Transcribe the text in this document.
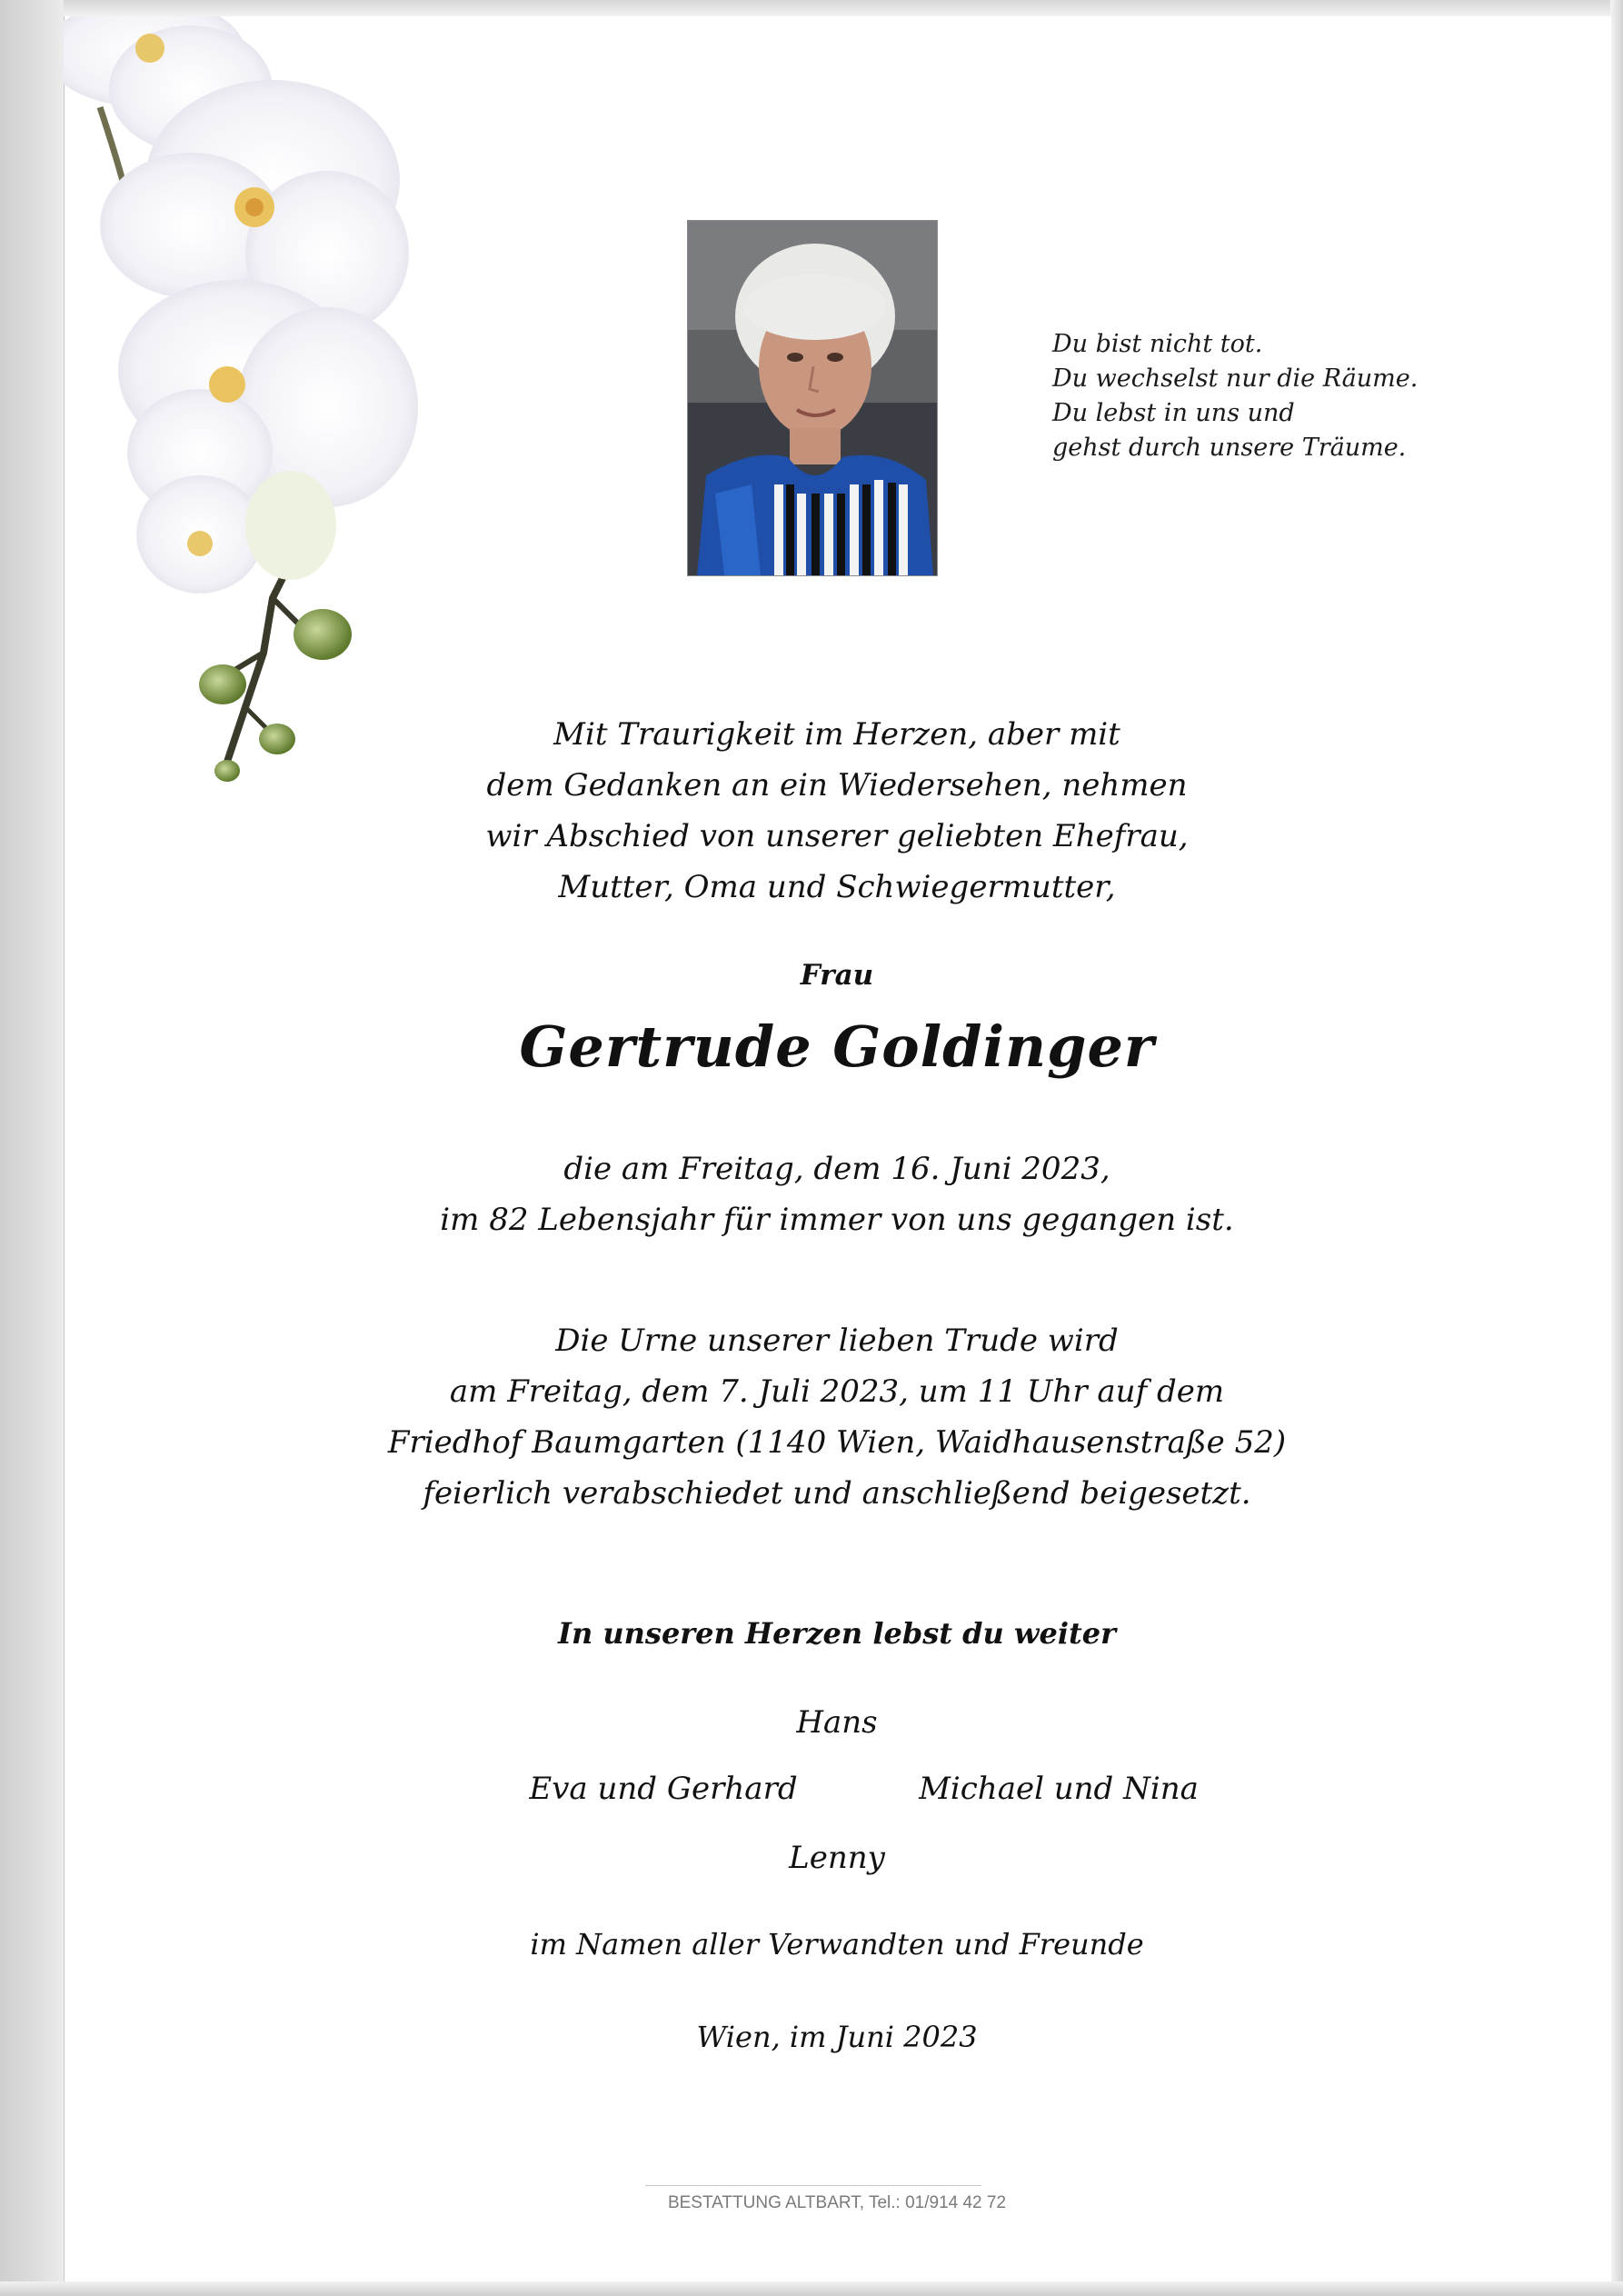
Du bist nicht tot.
Du wechselst nur die Räume.
Du lebst in uns und
gehst durch unsere Träume.
Mit Traurigkeit im Herzen, aber mit
dem Gedanken an ein Wiedersehen, nehmen
wir Abschied von unserer geliebten Ehefrau,
Mutter, Oma und Schwiegermutter,
Frau
Gertrude Goldinger
die am Freitag, dem 16. Juni 2023,
im 82 Lebensjahr für immer von uns gegangen ist.
Die Urne unserer lieben Trude wird
am Freitag, dem 7. Juli 2023, um 11 Uhr auf dem
Friedhof Baumgarten (1140 Wien, Waidhausenstraße 52)
feierlich verabschiedet und anschließend beigesetzt.
In unseren Herzen lebst du weiter
Hans
Eva und Gerhard	Michael und Nina
Lenny
im Namen aller Verwandten und Freunde
Wien, im Juni 2023
BESTATTUNG ALTBART, Tel.: 01/914 42 72
